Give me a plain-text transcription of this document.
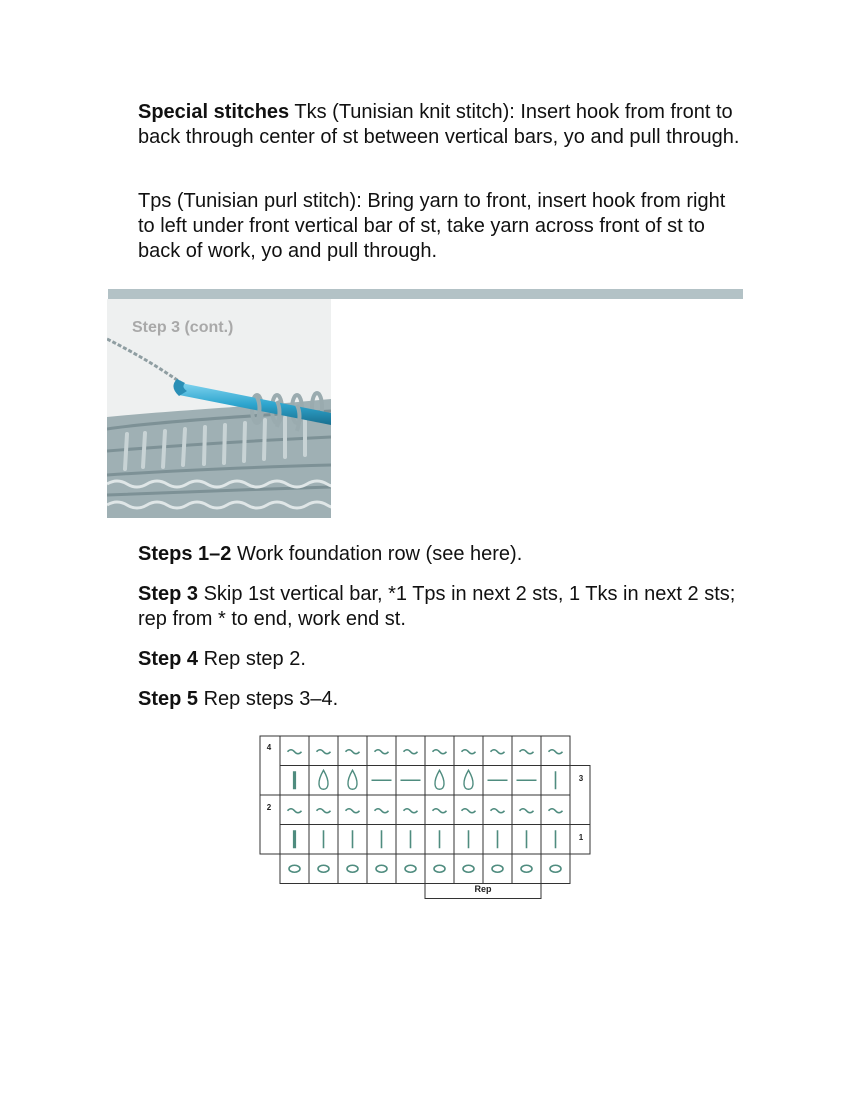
Special stitches Tks (Tunisian knit stitch): Insert hook from front to back through center of st between vertical bars, yo and pull through.

Tps (Tunisian purl stitch): Bring yarn to front, insert hook from right to left under front vertical bar of st, take yarn across front of st to back of work, yo and pull through.

Step 3 (cont.)

Steps 1–2 Work foundation row (see here).

Step 3 Skip 1st vertical bar, *1 Tps in next 2 sts, 1 Tks in next 2 sts; rep from * to end, work end st.

Step 4 Rep step 2.

Step 5 Rep steps 3–4.

4
2
3
1
Rep
